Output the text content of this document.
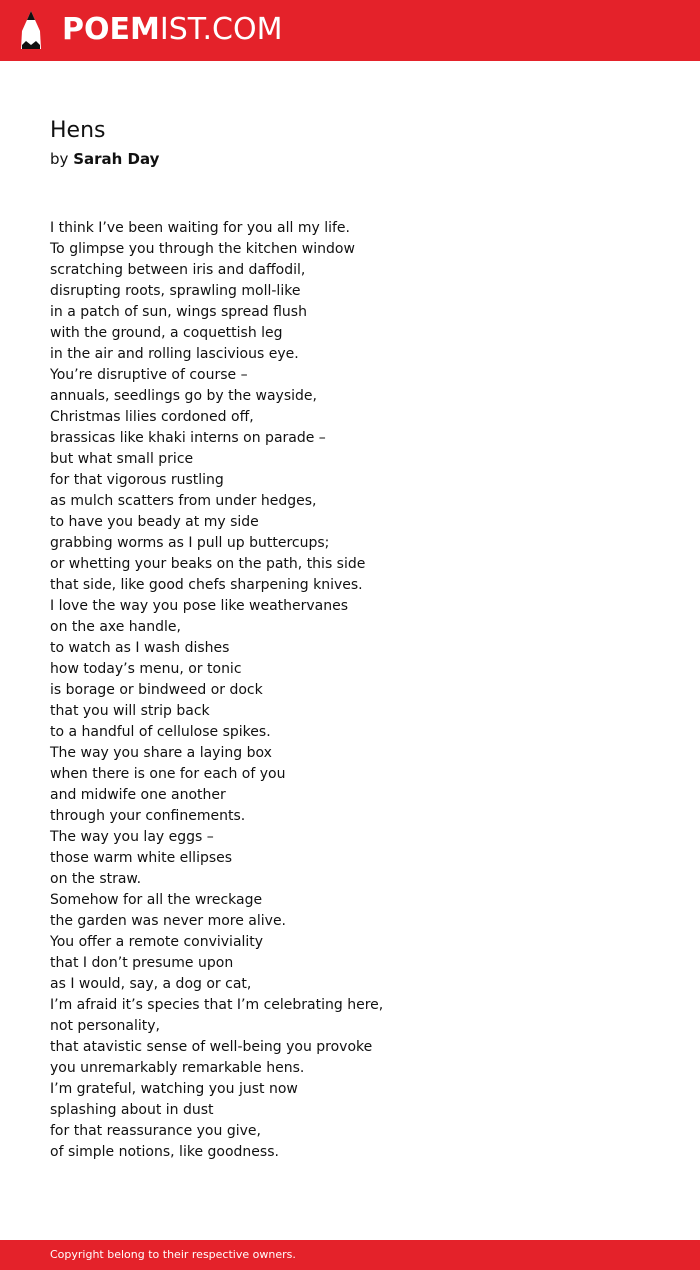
POEMIST.COM
Hens
by Sarah Day
I think I’ve been waiting for you all my life.
To glimpse you through the kitchen window
scratching between iris and daffodil,
disrupting roots, sprawling moll-like
in a patch of sun, wings spread flush
with the ground, a coquettish leg
in the air and rolling lascivious eye.
You’re disruptive of course –
annuals, seedlings go by the wayside,
Christmas lilies cordoned off,
brassicas like khaki interns on parade –
but what small price
for that vigorous rustling
as mulch scatters from under hedges,
to have you beady at my side
grabbing worms as I pull up buttercups;
or whetting your beaks on the path, this side
that side, like good chefs sharpening knives.
I love the way you pose like weathervanes
on the axe handle,
to watch as I wash dishes
how today’s menu, or tonic
is borage or bindweed or dock
that you will strip back
to a handful of cellulose spikes.
The way you share a laying box
when there is one for each of you
and midwife one another
through your confinements.
The way you lay eggs –
those warm white ellipses
on the straw.
Somehow for all the wreckage
the garden was never more alive.
You offer a remote conviviality
that I don’t presume upon
as I would, say, a dog or cat,
I’m afraid it’s species that I’m celebrating here,
not personality,
that atavistic sense of well-being you provoke
you unremarkably remarkable hens.
I’m grateful, watching you just now
splashing about in dust
for that reassurance you give,
of simple notions, like goodness.
Copyright belong to their respective owners.
